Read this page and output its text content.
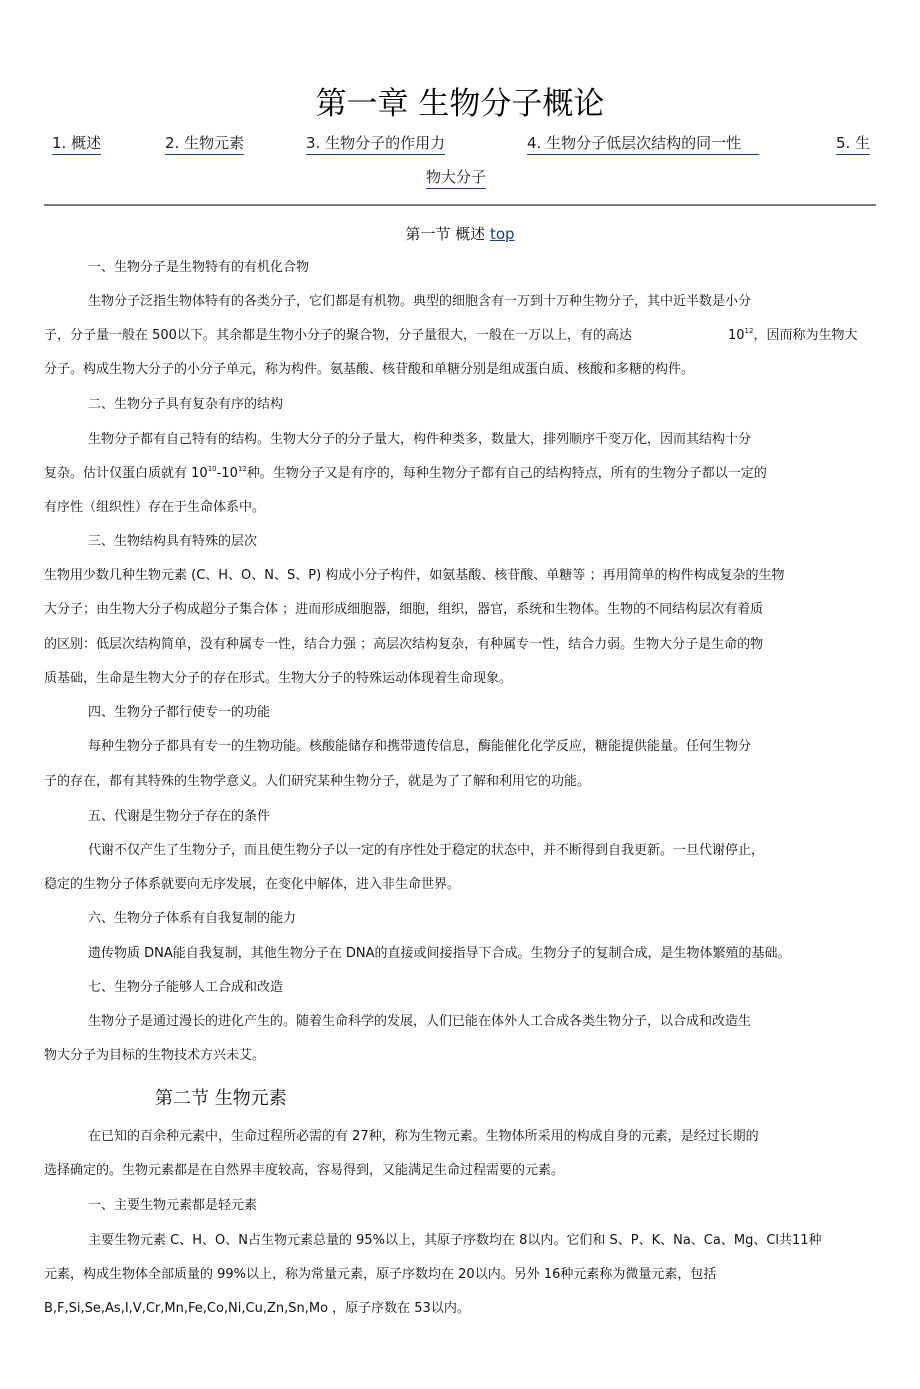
第一章 生物分子概论
1. 概述	2. 生物元素	3. 生物分子的作用力	4. 生物分子低层次结构的同一性	5. 生
物大分子
第一节 概述 top
一、生物分子是生物特有的有机化合物
生物分子泛指生物体特有的各类分子，它们都是有机物。典型的细胞含有一万到十万种生物分子，其中近半数是小分
子，分子量一般在 500以下。其余都是生物小分子的聚合物，分子量很大，一般在一万以上，有的高达	$10^{12}$，因而称为生物大
分子。构成生物大分子的小分子单元，称为构件。氨基酸、核苷酸和单糖分别是组成蛋白质、核酸和多糖的构件。
二、生物分子具有复杂有序的结构
生物分子都有自己特有的结构。生物大分子的分子量大，构件种类多，数量大，排列顺序千变万化，因而其结构十分
复杂。估计仅蛋白质就有 $10^{10}-10^{12}$种。生物分子又是有序的，每种生物分子都有自己的结构特点，所有的生物分子都以一定的
有序性（组织性）存在于生命体系中。
三、生物结构具有特殊的层次
生物用少数几种生物元素 (C、H、O、N、S、P) 构成小分子构件，如氨基酸、核苷酸、单糖等 ；再用简单的构件构成复杂的生物
大分子；由生物大分子构成超分子集合体 ；进而形成细胞器，细胞，组织，器官，系统和生物体。生物的不同结构层次有着质
的区别：低层次结构简单，没有种属专一性，结合力强 ；高层次结构复杂，有种属专一性，结合力弱。生物大分子是生命的物
质基础，生命是生物大分子的存在形式。生物大分子的特殊运动体现着生命现象。
四、生物分子都行使专一的功能
每种生物分子都具有专一的生物功能。核酸能储存和携带遗传信息，酶能催化化学反应，糖能提供能量。任何生物分
子的存在，都有其特殊的生物学意义。人们研究某种生物分子，就是为了了解和利用它的功能。
五、代谢是生物分子存在的条件
代谢不仅产生了生物分子，而且使生物分子以一定的有序性处于稳定的状态中，并不断得到自我更新。一旦代谢停止，
稳定的生物分子体系就要向无序发展，在变化中解体，进入非生命世界。
六、生物分子体系有自我复制的能力
遗传物质 DNA能自我复制，其他生物分子在 DNA的直接或间接指导下合成。生物分子的复制合成，是生物体繁殖的基础。
七、生物分子能够人工合成和改造
生物分子是通过漫长的进化产生的。随着生命科学的发展，人们已能在体外人工合成各类生物分子，以合成和改造生
物大分子为目标的生物技术方兴未艾。
第二节 生物元素
在已知的百余种元素中，生命过程所必需的有 27种，称为生物元素。生物体所采用的构成自身的元素，是经过长期的
选择确定的。生物元素都是在自然界丰度较高，容易得到，又能满足生命过程需要的元素。
一、主要生物元素都是轻元素
主要生物元素 C、H、O、N占生物元素总量的 95%以上，其原子序数均在 8以内。它们和 S、P、K、Na、Ca、Mg、Cl共11种
元素，构成生物体全部质量的 99%以上，称为常量元素，原子序数均在 20以内。另外 16种元素称为微量元素，包括
B,F,Si,Se,As,I,V,Cr,Mn,Fe,Co,Ni,Cu,Zn,Sn,Mo ，原子序数在 53以内。
